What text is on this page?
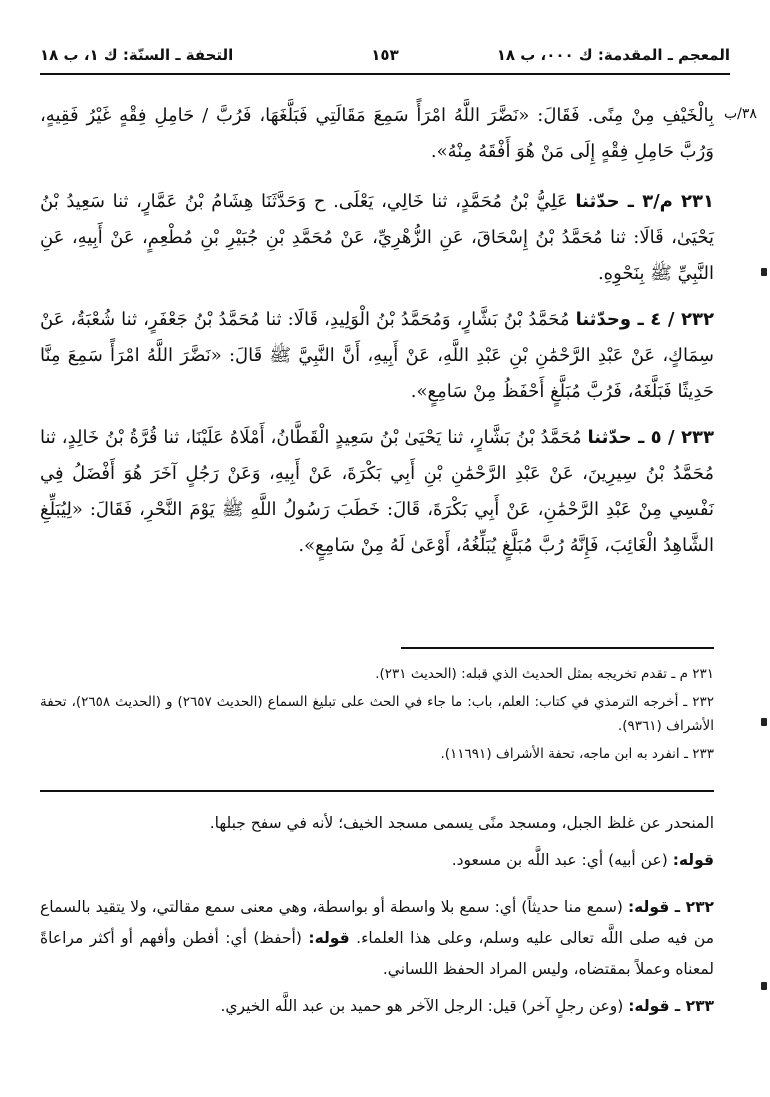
المعجم ـ المقدمة: ك ٠٠٠، ب ١٨
١٥٣
التحفة ـ السنّة: ك ١، ب ١٨
٣٨/ب

بِالْخَيْفِ مِنْ مِنًى. فَقَالَ: «نَضَّرَ اللَّهُ امْرَأً سَمِعَ مَقَالَتِي فَبَلَّغَهَا، فَرُبَّ / حَامِلِ فِقْهٍ غَيْرُ فَقِيهٍ، وَرُبَّ حَامِلِ فِقْهٍ إِلَى مَنْ هُوَ أَفْقَهُ مِنْهُ».

٢٣١ م/٣ ـ حدّثنا عَلِيُّ بْنُ مُحَمَّدٍ، ثنا خَالِي، يَعْلَى. ح وَحَدَّثَنَا هِشَامُ بْنُ عَمَّارٍ، ثنا سَعِيدُ بْنُ يَحْيَىٰ، قَالَا: ثنا مُحَمَّدُ بْنُ إِسْحَاقَ، عَنِ الزُّهْرِيِّ، عَنْ مُحَمَّدِ بْنِ جُبَيْرِ بْنِ مُطْعِمٍ، عَنْ أَبِيهِ، عَنِ النَّبِيِّ ﷺ بِنَحْوِهِ.

٢٣٢ / ٤ ـ وحدّثنا مُحَمَّدُ بْنُ بَشَّارٍ، وَمُحَمَّدُ بْنُ الْوَلِيدِ، قَالَا: ثنا مُحَمَّدُ بْنُ جَعْفَرٍ، ثنا شُعْبَةُ، عَنْ سِمَاكٍ، عَنْ عَبْدِ الرَّحْمَٰنِ بْنِ عَبْدِ اللَّهِ، عَنْ أَبِيهِ، أَنَّ النَّبِيَّ ﷺ قَالَ: «نَضَّرَ اللَّهُ امْرَأً سَمِعَ مِنَّا حَدِيثًا فَبَلَّغَهُ، فَرُبَّ مُبَلَّغٍ أَحْفَظُ مِنْ سَامِعٍ».

٢٣٣ / ٥ ـ حدّثنا مُحَمَّدُ بْنُ بَشَّارٍ، ثنا يَحْيَىٰ بْنُ سَعِيدٍ الْقَطَّانُ، أَمْلَاهُ عَلَيْنَا، ثنا قُرَّةُ بْنُ خَالِدٍ، ثنا مُحَمَّدُ بْنُ سِيرِينَ، عَنْ عَبْدِ الرَّحْمَٰنِ بْنِ أَبِي بَكْرَةَ، عَنْ أَبِيهِ، وَعَنْ رَجُلٍ آخَرَ هُوَ أَفْضَلُ فِي نَفْسِي مِنْ عَبْدِ الرَّحْمَٰنِ، عَنْ أَبِي بَكْرَةَ، قَالَ: خَطَبَ رَسُولُ اللَّهِ ﷺ يَوْمَ النَّحْرِ، فَقَالَ: «لِيُبَلِّغِ الشَّاهِدُ الْغَائِبَ، فَإِنَّهُ رُبَّ مُبَلَّغٍ يُبَلِّغُهُ، أَوْعَىٰ لَهُ مِنْ سَامِعٍ».

٢٣١ م ـ تقدم تخريجه بمثل الحديث الذي قبله: (الحديث ٢٣١).

٢٣٢ ـ أخرجه الترمذي في كتاب: العلم، باب: ما جاء في الحث على تبليغ السماع (الحديث ٢٦٥٧) و (الحديث ٢٦٥٨)، تحفة الأشراف (٩٣٦١).

٢٣٣ ـ انفرد به ابن ماجه، تحفة الأشراف (١١٦٩١).

المنحدر عن غلظ الجبل، ومسجد منًى يسمى مسجد الخيف؛ لأنه في سفح جبلها.

قوله: (عن أبيه) أي: عبد اللَّه بن مسعود.

٢٣٢ ـ قوله: (سمع منا حديثاً) أي: سمع بلا واسطة أو بواسطة، وهي معنى سمع مقالتي، ولا يتقيد بالسماع من فيه صلى اللَّه تعالى عليه وسلم، وعلى هذا العلماء. قوله: (أحفظ) أي: أفطن وأفهم أو أكثر مراعاةً لمعناه وعملاً بمقتضاه، وليس المراد الحفظ اللساني.

٢٣٣ ـ قوله: (وعن رجلٍ آخر) قيل: الرجل الآخر هو حميد بن عبد اللَّه الخيري.
